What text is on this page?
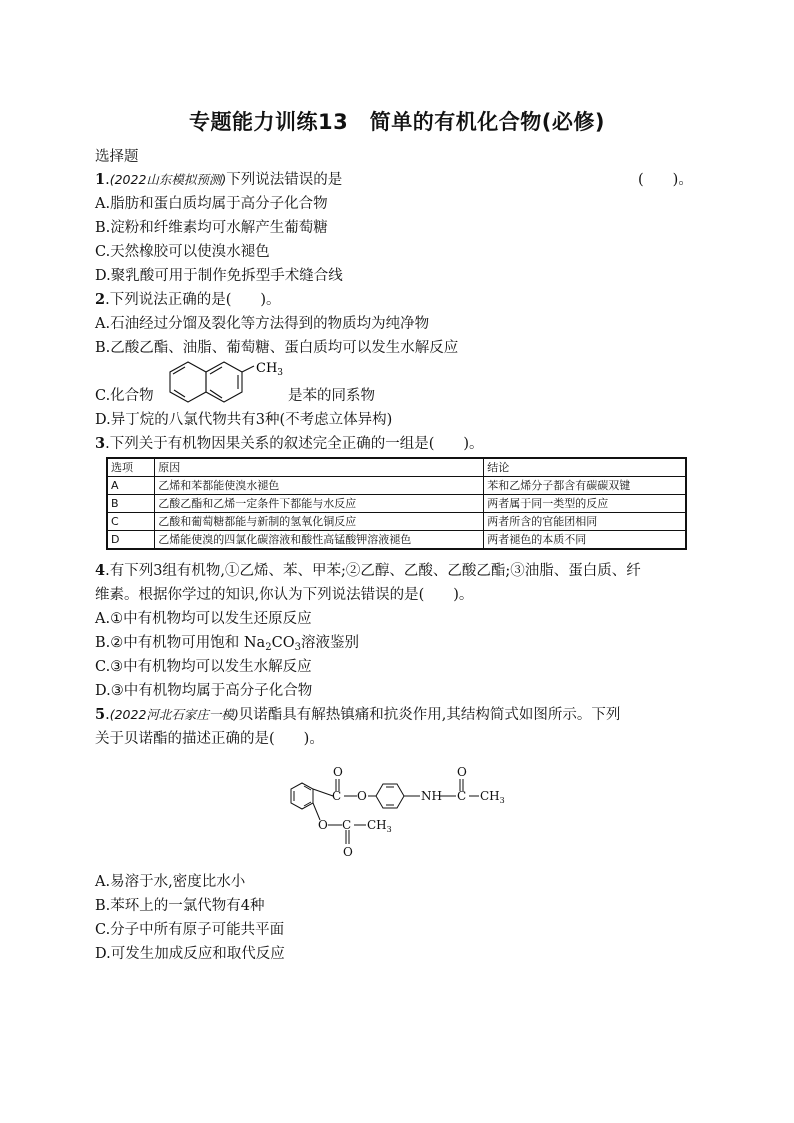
专题能力训练13　简单的有机化合物(必修)
选择题
1.(2022山东模拟预测)下列说法错误的是	(　　)。
A.脂肪和蛋白质均属于高分子化合物
B.淀粉和纤维素均可水解产生葡萄糖
C.天然橡胶可以使溴水褪色
D.聚乳酸可用于制作免拆型手术缝合线
2.下列说法正确的是(　　)。
A.石油经过分馏及裂化等方法得到的物质均为纯净物
B.乙酸乙酯、油脂、葡萄糖、蛋白质均可以发生水解反应
C.化合物
$CH_3$
是苯的同系物
D.异丁烷的八氯代物共有3种(不考虑立体异构)
3.下列关于有机物因果关系的叙述完全正确的一组是(　　)。
选项	原因	结论
A	乙烯和苯都能使溴水褪色	苯和乙烯分子都含有碳碳双键
B	乙酸乙酯和乙烯一定条件下都能与水反应	两者属于同一类型的反应
C	乙酸和葡萄糖都能与新制的氢氧化铜反应	两者所含的官能团相同
D	乙烯能使溴的四氯化碳溶液和酸性高锰酸钾溶液褪色	两者褪色的本质不同
4.有下列3组有机物,①乙烯、苯、甲苯;②乙醇、乙酸、乙酸乙酯;③油脂、蛋白质、纤
维素。根据你学过的知识,你认为下列说法错误的是(　　)。
A.①中有机物均可以发生还原反应
B.②中有机物可用饱和 $Na_2CO_3$溶液鉴别
C.③中有机物均可以发生水解反应
D.③中有机物均属于高分子化合物
5.(2022河北石家庄一模)贝诺酯具有解热镇痛和抗炎作用,其结构简式如图所示。下列
关于贝诺酯的描述正确的是(　　)。
O
C O	NH
O
C $CH_3$
O C
O
$CH_3$
A.易溶于水,密度比水小
B.苯环上的一氯代物有4种
C.分子中所有原子可能共平面
D.可发生加成反应和取代反应
